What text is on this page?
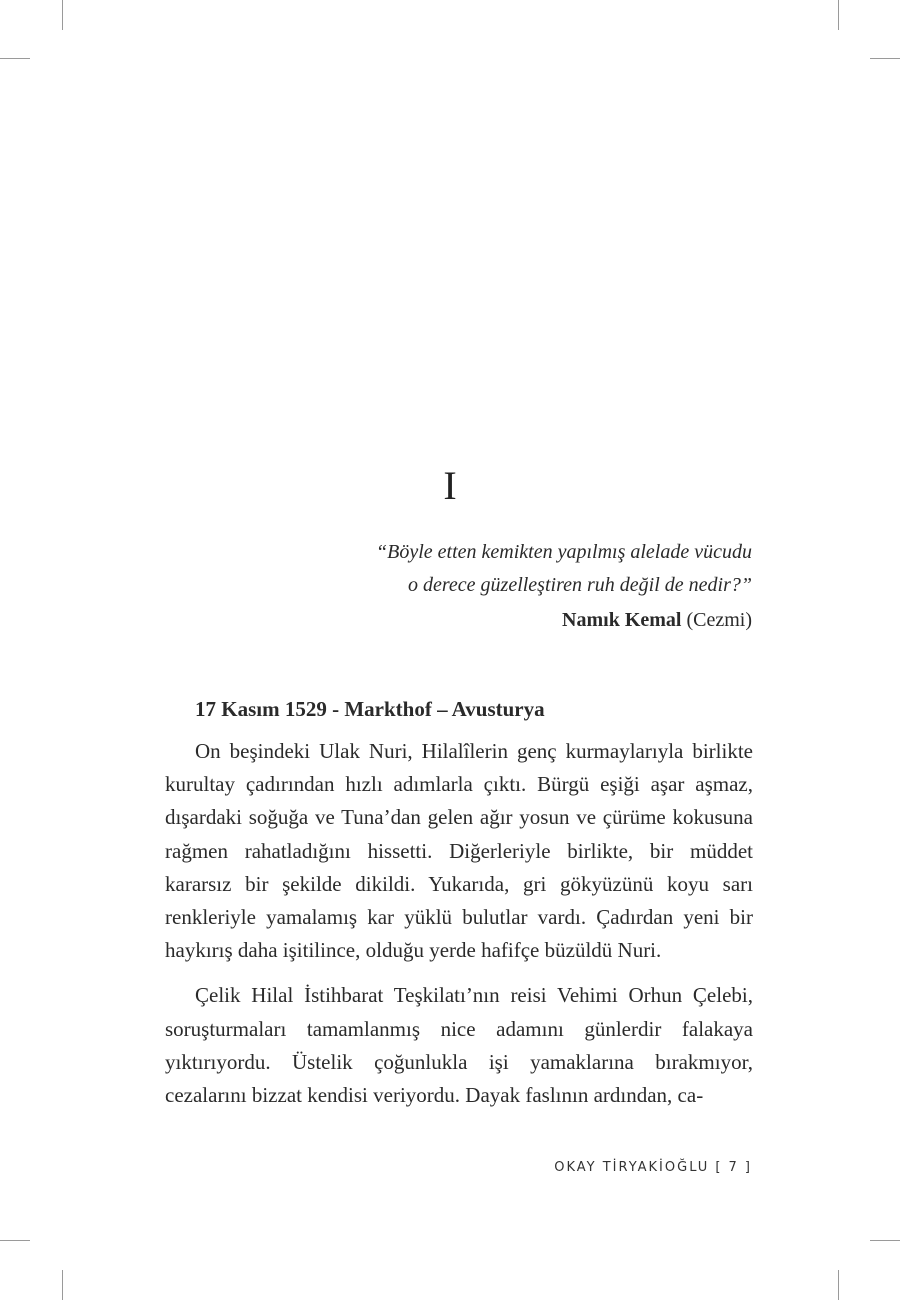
I
“Böyle etten kemikten yapılmış alelade vücudu
o derece güzelleştiren ruh değil de nedir?”
Namık Kemal (Cezmi)
17 Kasım 1529 - Markthof – Avusturya

On beşindeki Ulak Nuri, Hilalîlerin genç kurmaylarıyla birlikte kurultay çadırından hızlı adımlarla çıktı. Bürgü eşiği aşar aşmaz, dışardaki soğuğa ve Tuna’dan gelen ağır yosun ve çürüme kokusuna rağmen rahatladığını hissetti. Diğerleriyle birlikte, bir müddet kararsız bir şekilde dikildi. Yukarıda, gri gökyüzünü koyu sarı renkleriyle yamalamış kar yüklü bulutlar vardı. Çadırdan yeni bir haykırış daha işitilince, olduğu yerde hafifçe büzüldü Nuri.

Çelik Hilal İstihbarat Teşkilatı’nın reisi Vehimi Orhun Çelebi, soruşturmaları tamamlanmış nice adamını günlerdir falakaya yıktırıyordu. Üstelik çoğunlukla işi yamaklarına bırakmıyor, cezalarını bizzat kendisi veriyordu. Dayak faslının ardından, ca-

OKAY TİRYAKİOĞLU [ 7 ]
